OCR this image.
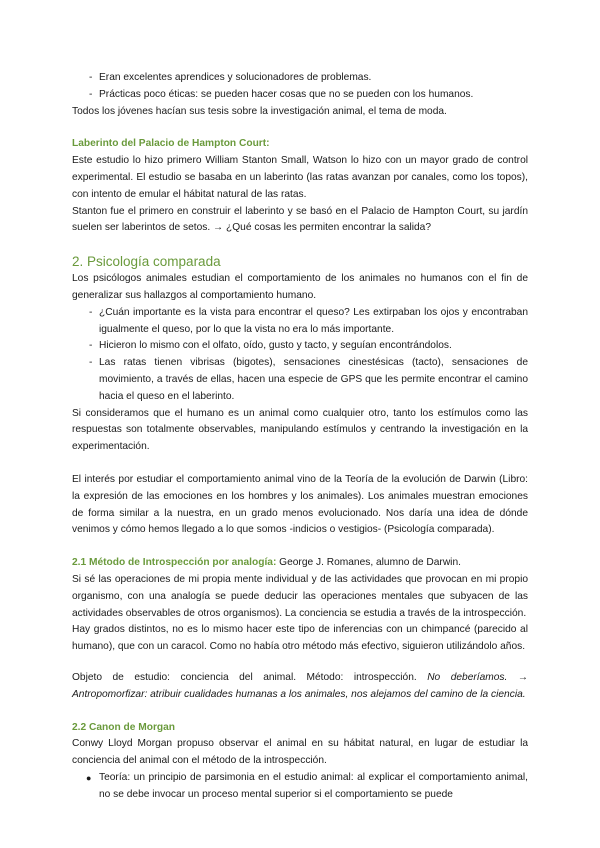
- Eran excelentes aprendices y solucionadores de problemas.
- Prácticas poco éticas: se pueden hacer cosas que no se pueden con los humanos.

Todos los jóvenes hacían sus tesis sobre la investigación animal, el tema de moda.

Laberinto del Palacio de Hampton Court:

Este estudio lo hizo primero William Stanton Small, Watson lo hizo con un mayor grado de control experimental. El estudio se basaba en un laberinto (las ratas avanzan por canales, como los topos), con intento de emular el hábitat natural de las ratas.

Stanton fue el primero en construir el laberinto y se basó en el Palacio de Hampton Court, su jardín suelen ser laberintos de setos. → ¿Qué cosas les permiten encontrar la salida?

2. Psicología comparada

Los psicólogos animales estudian el comportamiento de los animales no humanos con el fin de generalizar sus hallazgos al comportamiento humano.

- ¿Cuán importante es la vista para encontrar el queso? Les extirpaban los ojos y encontraban igualmente el queso, por lo que la vista no era lo más importante.
- Hicieron lo mismo con el olfato, oído, gusto y tacto, y seguían encontrándolos.
- Las ratas tienen vibrisas (bigotes), sensaciones cinestésicas (tacto), sensaciones de movimiento, a través de ellas, hacen una especie de GPS que les permite encontrar el camino hacia el queso en el laberinto.

Si consideramos que el humano es un animal como cualquier otro, tanto los estímulos como las respuestas son totalmente observables, manipulando estímulos y centrando la investigación en la experimentación.

El interés por estudiar el comportamiento animal vino de la Teoría de la evolución de Darwin (Libro: la expresión de las emociones en los hombres y los animales). Los animales muestran emociones de forma similar a la nuestra, en un grado menos evolucionado. Nos daría una idea de dónde venimos y cómo hemos llegado a lo que somos -indicios o vestigios- (Psicología comparada).

2.1 Método de Introspección por analogía: George J. Romanes, alumno de Darwin.

Si sé las operaciones de mi propia mente individual y de las actividades que provocan en mi propio organismo, con una analogía se puede deducir las operaciones mentales que subyacen de las actividades observables de otros organismos). La conciencia se estudia a través de la introspección.

Hay grados distintos, no es lo mismo hacer este tipo de inferencias con un chimpancé (parecido al humano), que con un caracol. Como no había otro método más efectivo, siguieron utilizándolo años.

Objeto de estudio: conciencia del animal. Método: introspección. No deberíamos. → Antropomorfizar: atribuir cualidades humanas a los animales, nos alejamos del camino de la ciencia.

2.2 Canon de Morgan

Conwy Lloyd Morgan propuso observar el animal en su hábitat natural, en lugar de estudiar la conciencia del animal con el método de la introspección.

● Teoría: un principio de parsimonia en el estudio animal: al explicar el comportamiento animal, no se debe invocar un proceso mental superior si el comportamiento se puede
